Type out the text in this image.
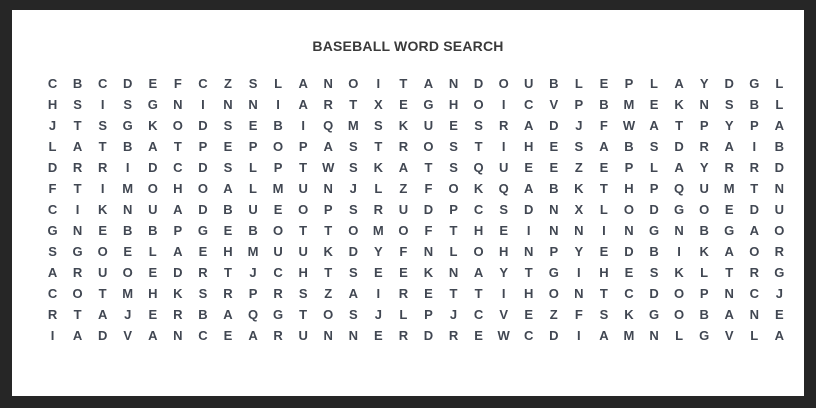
BASEBALL WORD SEARCH
C	B	C	D	E	F	C	Z	S	L	A	N	O	I	T	A	N	D	O	U	B	L	E	P	L	A	Y	D	G	L
H	S	I	S	G	N	I	N	N	I	A	R	T	X	E	G	H	O	I	C	V	P	B	M	E	K	N	S	B	L
J	T	S	G	K	O	D	S	E	B	I	Q	M	S	K	U	E	S	R	A	D	J	F	W	A	T	P	Y	P	A
L	A	T	B	A	T	P	E	P	O	P	A	S	T	R	O	S	T	I	H	E	S	A	B	S	D	R	A	I	B
D	R	R	I	D	C	D	S	L	P	T	W	S	K	A	T	S	Q	U	E	E	Z	E	P	L	A	Y	R	R	D
F	T	I	M	O	H	O	A	L	M	U	N	J	L	Z	F	O	K	Q	A	B	K	T	H	P	Q	U	M	T	N
C	I	K	N	U	A	D	B	U	E	O	P	S	R	U	D	P	C	S	D	N	X	L	O	D	G	O	E	D	U
G	N	E	B	B	P	G	E	B	O	T	T	O	M	O	F	T	H	E	I	N	N	I	N	G	N	B	G	A	O
S	G	O	E	L	A	E	H	M	U	U	K	D	Y	F	N	L	O	H	N	P	Y	E	D	B	I	K	A	O	R
A	R	U	O	E	D	R	T	J	C	H	T	S	E	E	K	N	A	Y	T	G	I	H	E	S	K	L	T	R	G
C	O	T	M	H	K	S	R	P	R	S	Z	A	I	R	E	T	T	I	H	O	N	T	C	D	O	P	N	C	J
R	T	A	J	E	R	B	A	Q	G	T	O	S	J	L	P	J	C	V	E	Z	F	S	K	G	O	B	A	N	E
I	A	D	V	A	N	C	E	A	R	U	N	N	E	R	D	R	E	W	C	D	I	A	M	N	L	G	V	L	A
